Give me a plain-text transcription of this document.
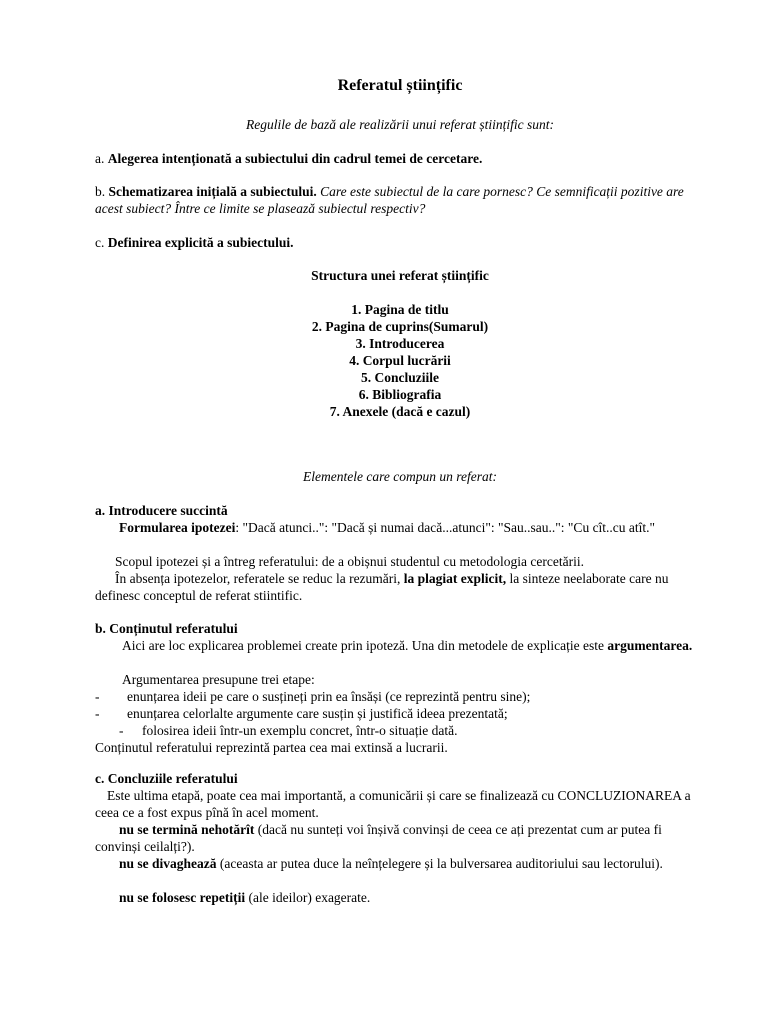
Referatul științific
Regulile de bază ale realizării unui referat științific sunt:
a. Alegerea intenționată a subiectului din cadrul temei de cercetare.
b. Schematizarea inițială a subiectului. Care este subiectul de la care pornesc? Ce semnificații pozitive are acest subiect? Între ce limite se plasează subiectul respectiv?
c. Definirea explicită a subiectului.
Structura unei referat științific
1. Pagina de titlu
2. Pagina de cuprins(Sumarul)
3. Introducerea
4. Corpul lucrării
5. Concluziile
6. Bibliografia
7. Anexele (dacă e cazul)
Elementele care compun un referat:
a. Introducere succintă
Formularea ipotezei: "Dacă atunci..": "Dacă și numai dacă...atunci": "Sau..sau..": "Cu cît..cu atît."
Scopul ipotezei și a întreg referatului: de a obișnui studentul cu metodologia cercetării.
În absența ipotezelor, referatele se reduc la rezumări, la plagiat explicit, la sinteze neelaborate care nu definesc conceptul de referat stiintific.
b. Conținutul referatului
Aici are loc explicarea problemei create prin ipoteză. Una din metodele de explicație este argumentarea.
Argumentarea presupune trei etape:
-	enunțarea ideii pe care o susțineți prin ea însăși (ce reprezintă pentru sine);
-	enunțarea celorlalte argumente care susțin și justifică ideea prezentată;
-	folosirea ideii într-un exemplu concret, într-o situație dată.
Conținutul referatului reprezintă partea cea mai extinsă a lucrarii.
c. Concluziile referatului
Este ultima etapă, poate cea mai importantă, a comunicării și care se finalizează cu CONCLUZIONAREA a ceea ce a fost expus pînă în acel moment.
nu se termină nehotărît (dacă nu sunteți voi înșivă convinși de ceea ce ați prezentat cum ar putea fi convinși ceilalți?).
nu se divaghează (aceasta ar putea duce la neînțelegere și la bulversarea auditoriului sau lectorului).
nu se folosesc repetiții (ale ideilor) exagerate.
